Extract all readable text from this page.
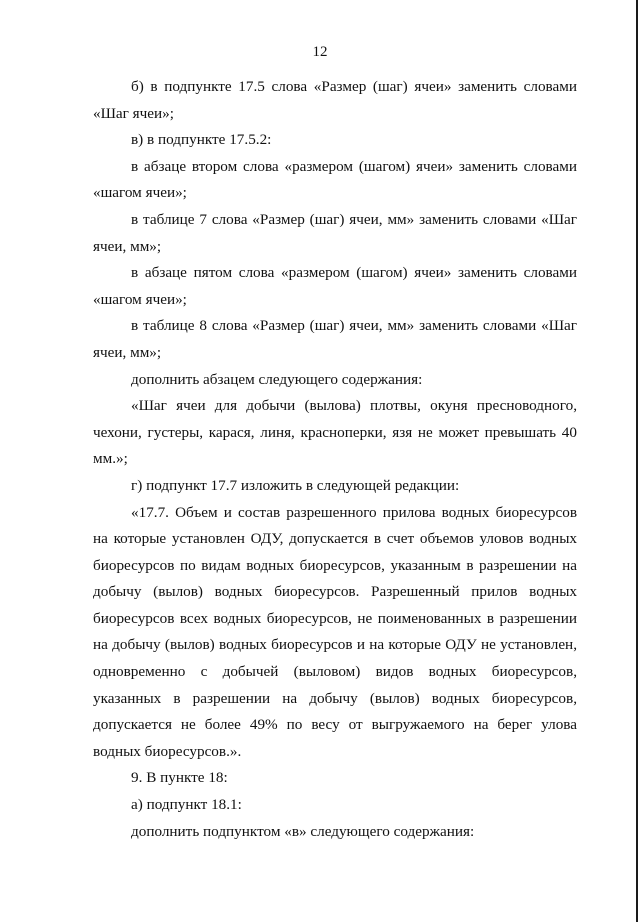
12

б) в подпункте 17.5 слова «Размер (шаг) ячеи» заменить словами «Шаг ячеи»;

в) в подпункте 17.5.2:

в абзаце втором слова «размером (шагом) ячеи» заменить словами «шагом ячеи»;

в таблице 7 слова «Размер (шаг) ячеи, мм» заменить словами «Шаг ячеи, мм»;

в абзаце пятом слова «размером (шагом) ячеи» заменить словами «шагом ячеи»;

в таблице 8 слова «Размер (шаг) ячеи, мм» заменить словами «Шаг ячеи, мм»;

дополнить абзацем следующего содержания:

«Шаг ячеи для добычи (вылова) плотвы, окуня пресноводного, чехони, густеры, карася, линя, красноперки, язя не может превышать 40 мм.»;

г) подпункт 17.7 изложить в следующей редакции:

«17.7. Объем и состав разрешенного прилова водных биоресурсов на которые установлен ОДУ, допускается в счет объемов уловов водных биоресурсов по видам водных биоресурсов, указанным в разрешении на добычу (вылов) водных биоресурсов. Разрешенный прилов водных биоресурсов всех водных биоресурсов, не поименованных в разрешении на добычу (вылов) водных биоресурсов и на которые ОДУ не установлен, одновременно с добычей (выловом) видов водных биоресурсов, указанных в разрешении на добычу (вылов) водных биоресурсов, допускается не более 49% по весу от выгружаемого на берег улова водных биоресурсов.».

9. В пункте 18:

а) подпункт 18.1:

дополнить подпунктом «в» следующего содержания:
